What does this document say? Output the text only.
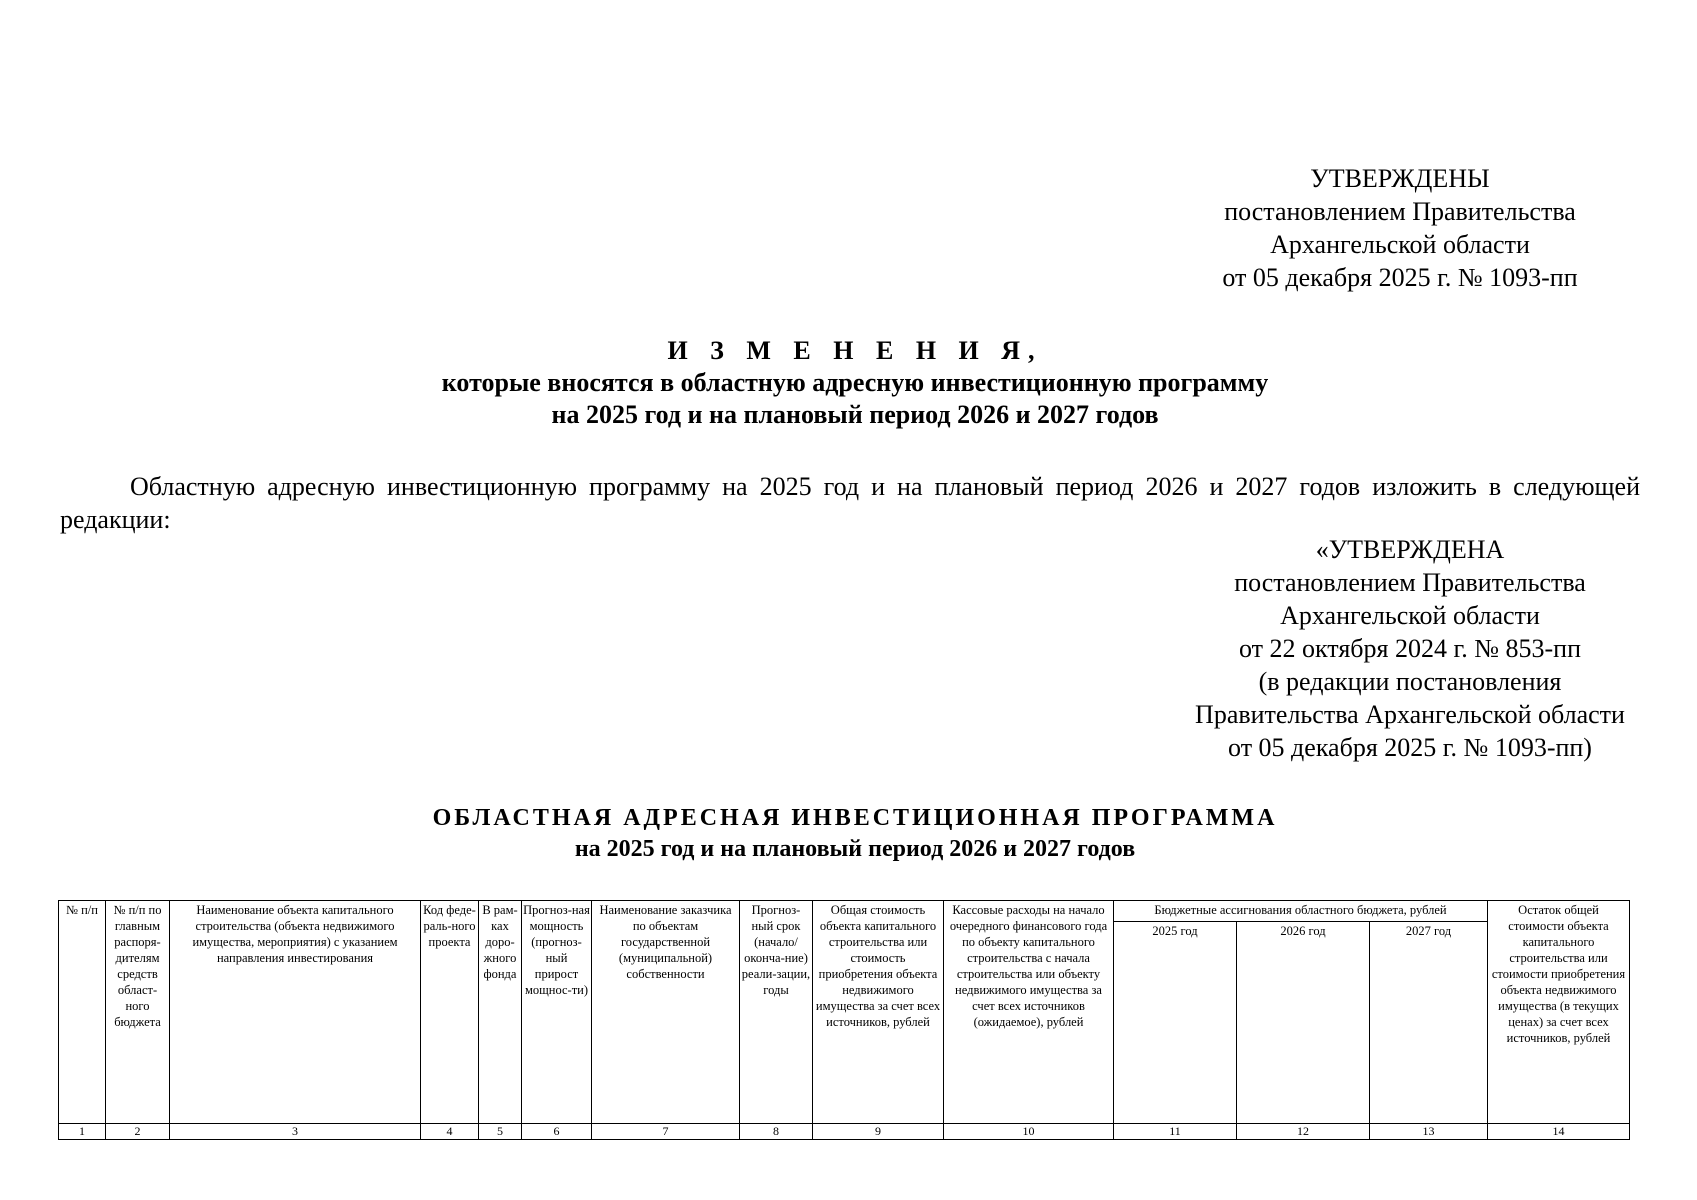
УТВЕРЖДЕНЫ
постановлением Правительства
Архангельской области
от 05 декабря 2025 г. № 1093-пп
И З М Е Н Е Н И Я,
которые вносятся в областную адресную инвестиционную программу
на 2025 год и на плановый период 2026 и 2027 годов

Областную адресную инвестиционную программу на 2025 год и на плановый период 2026 и 2027 годов изложить в следующей редакции:

«УТВЕРЖДЕНА
постановлением Правительства
Архангельской области
от 22 октября 2024 г. № 853-пп
(в редакции постановления
Правительства Архангельской области
от 05 декабря 2025 г. № 1093-пп)
ОБЛАСТНАЯ АДРЕСНАЯ ИНВЕСТИЦИОННАЯ ПРОГРАММА
на 2025 год и на плановый период 2026 и 2027 годов
№ п/п	№ п/п по главным распоря-дителям средств област-ного бюджета	Наименование объекта капитального строительства (объекта недвижимого имущества, мероприятия) с указанием направления инвестирования	Код феде-раль-ного проекта	В рам-ках доро-жного фонда	Прогноз-ная мощность (прогноз-ный прирост мощнос-ти)	Наименование заказчика по объектам государственной (муниципальной) собственности	Прогноз-ный срок (начало/ оконча-ние) реали-зации, годы	Общая стоимость объекта капитального строительства или стоимость приобретения объекта недвижимого имущества за счет всех источников, рублей	Кассовые расходы на начало очередного финансового года по объекту капитального строительства с начала строительства или объекту недвижимого имущества за счет всех источников (ожидаемое), рублей	Бюджетные ассигнования областного бюджета, рублей			Остаток общей стоимости объекта капитального строительства или стоимости приобретения объекта недвижимого имущества (в текущих ценах) за счет всех источников, рублей
										2025 год	2026 год	2027 год	
1	2	3	4	5	6	7	8	9	10	11	12	13	14
